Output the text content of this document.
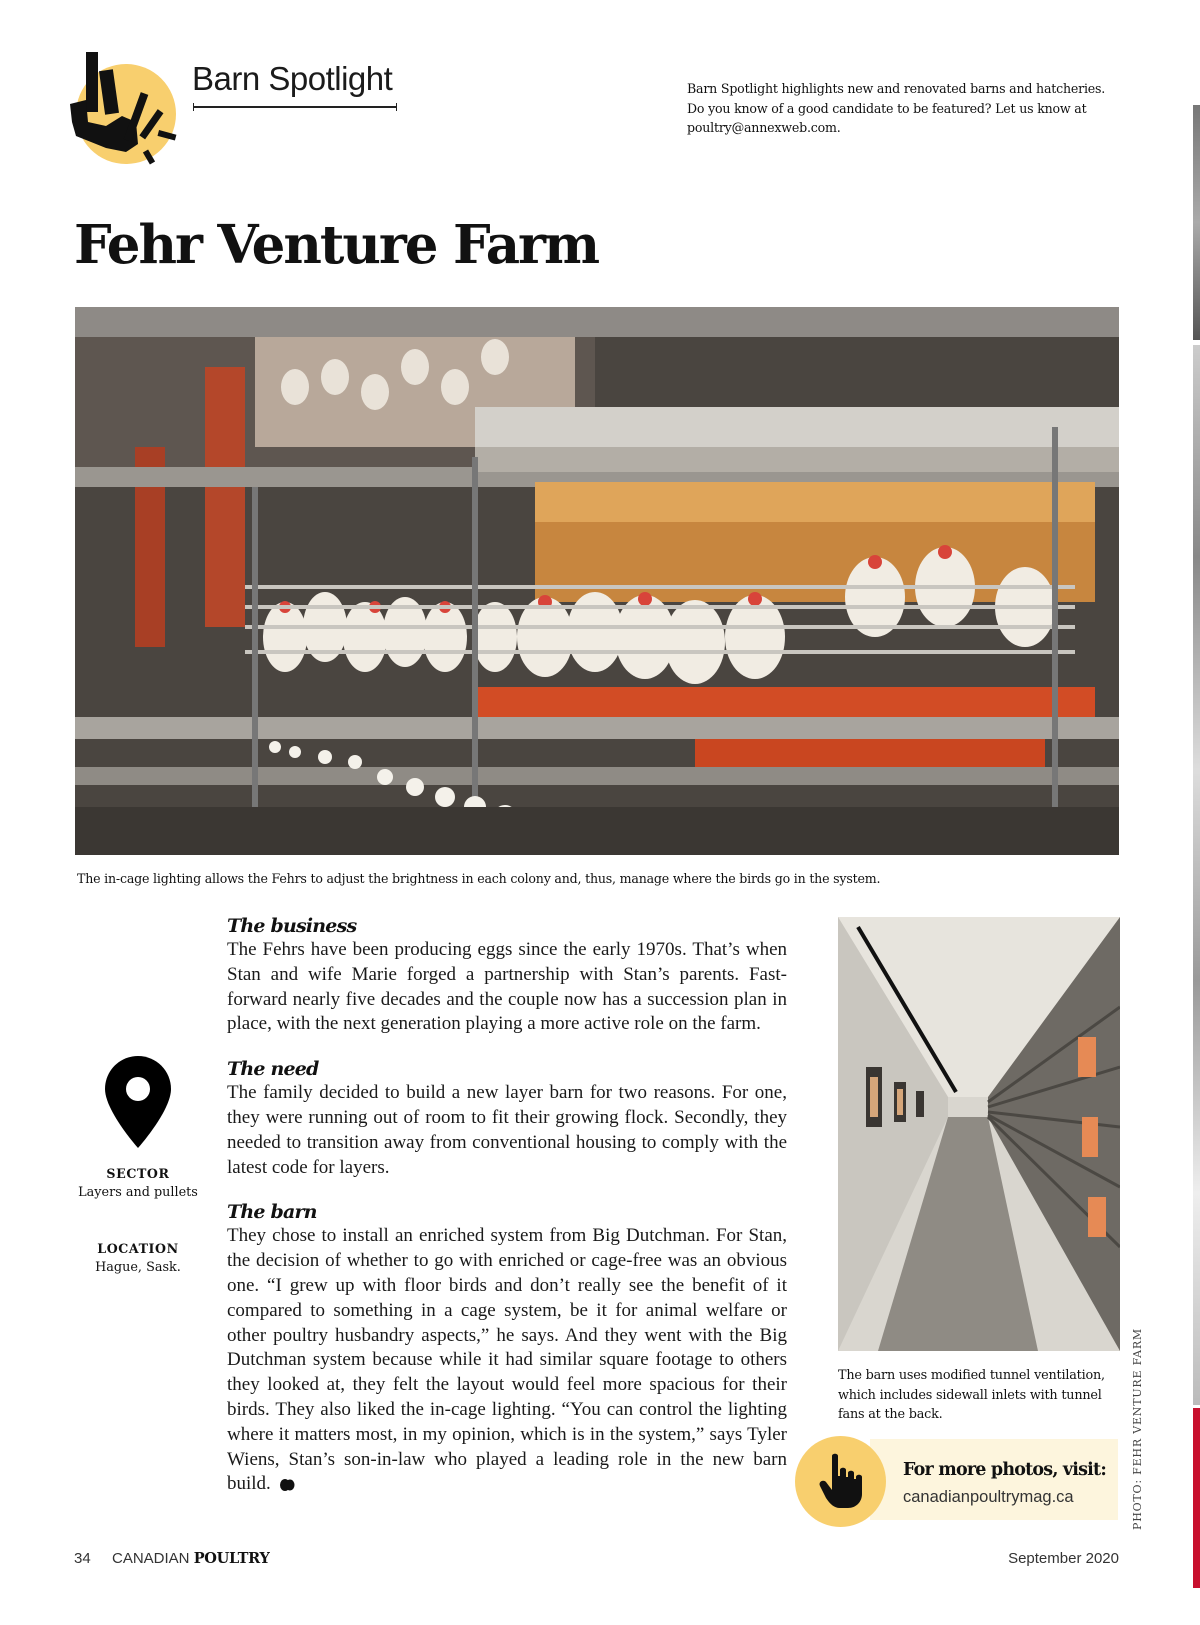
Barn Spotlight	Barn Spotlight highlights new and renovated barns and hatcheries.
Do you know of a good candidate to be featured? Let us know at
poultry@annexweb.com.
Fehr Venture Farm
The in-cage lighting allows the Fehrs to adjust the brightness in each colony and, thus, manage where the birds go in the system.
SECTOR
Layers and pullets
LOCATION
Hague, Sask.
The business

The Fehrs have been producing eggs since the early 1970s. That’s when Stan and wife Marie forged a partnership with Stan’s parents. Fast-forward nearly five decades and the couple now has a succession plan in place, with the next generation playing a more active role on the farm.

The need

The family decided to build a new layer barn for two reasons. For one, they were running out of room to fit their growing flock. Secondly, they needed to transition away from conventional housing to comply with the latest code for layers.

The barn

They chose to install an enriched system from Big Dutchman. For Stan, the decision of whether to go with enriched or cage-free was an obvious one. “I grew up with floor birds and don’t really see the benefit of it compared to something in a cage system, be it for animal welfare or other poultry husbandry aspects,” he says. And they went with the Big Dutchman system because while it had similar square footage to others they looked at, they felt the layout would feel more spacious for their birds. They also liked the in-cage lighting. “You can control the lighting where it matters most, in my opinion, which is in the system,” says Tyler Wiens, Stan’s son-in-law who played a leading role in the new barn build.

The barn uses modified tunnel ventilation, which includes sidewall inlets with tunnel fans at the back.	PHOTO: FEHR VENTURE FARM
For more photos, visit:
canadianpoultrymag.ca
34 CANADIAN POULTRY	September 2020
